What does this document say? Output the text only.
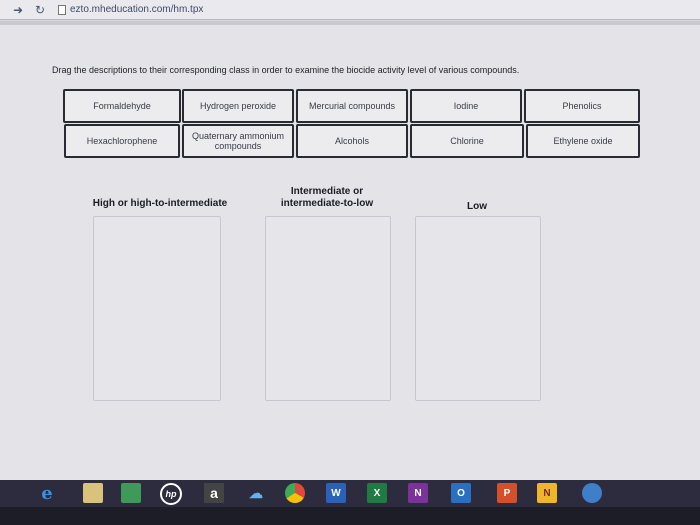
➜ ↻ ezto.mheducation.com/hm.tpx
Drag the descriptions to their corresponding class in order to examine the biocide activity level of various compounds.
Formaldehyde	Hydrogen peroxide	Mercurial compounds	Iodine	Phenolics
Hexachlorophene	Quaternary ammonium compounds	Alcohols	Chlorine	Ethylene oxide
High or high-to-intermediate
Intermediate or intermediate-to-low	Low
e	hp	a	☁	W	X	N	O	P	N
